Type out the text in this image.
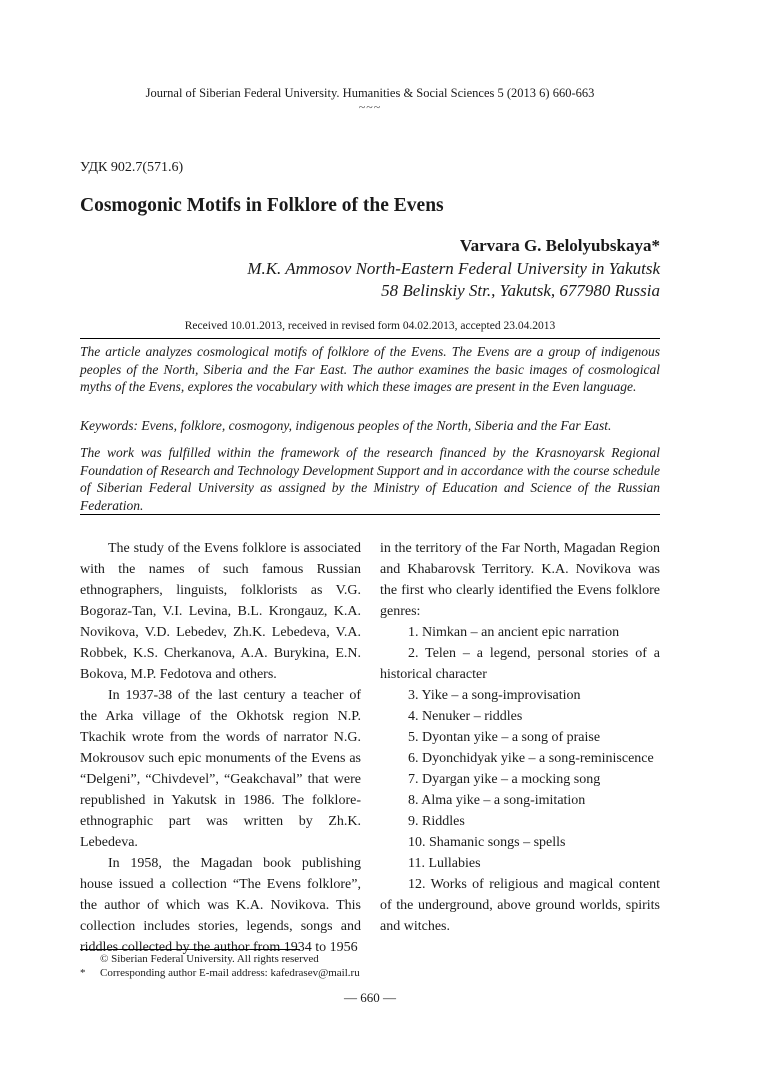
Journal of Siberian Federal University. Humanities & Social Sciences 5 (2013 6) 660-663
~~~
УДК 902.7(571.6)
Cosmogonic Motifs in Folklore of the Evens
Varvara G. Belolyubskaya*
M.K. Ammosov North-Eastern Federal University in Yakutsk
58 Belinskiy Str., Yakutsk, 677980 Russia
Received 10.01.2013, received in revised form 04.02.2013, accepted 23.04.2013
The article analyzes cosmological motifs of folklore of the Evens. The Evens are a group of indigenous peoples of the North, Siberia and the Far East. The author examines the basic images of cosmological myths of the Evens, explores the vocabulary with which these images are present in the Even language.
Keywords: Evens, folklore, cosmogony, indigenous peoples of the North, Siberia and the Far East.
The work was fulfilled within the framework of the research financed by the Krasnoyarsk Regional Foundation of Research and Technology Development Support and in accordance with the course schedule of Siberian Federal University as assigned by the Ministry of Education and Science of the Russian Federation.

The study of the Evens folklore is associated with the names of such famous Russian ethnographers, linguists, folklorists as V.G. Bogoraz-Tan, V.I. Levina, B.L. Krongauz, K.A. Novikova, V.D. Lebedev, Zh.K. Lebedeva, V.A. Robbek, K.S. Cherkanova, A.A. Burykina, E.N. Bokova, M.P. Fedotova and others.

In 1937-38 of the last century a teacher of the Arka village of the Okhotsk region N.P. Tkachik wrote from the words of narrator N.G. Mokrousov such epic monuments of the Evens as “Delgeni”, “Chivdevel”, “Geakchaval” that were republished in Yakutsk in 1986. The folklore-ethnographic part was written by Zh.K. Lebedeva.

In 1958, the Magadan book publishing house issued a collection “The Evens folklore”, the author of which was K.A. Novikova. This collection includes stories, legends, songs and riddles collected by the author from 1934 to 1956

in the territory of the Far North, Magadan Region and Khabarovsk Territory. K.A. Novikova was the first who clearly identified the Evens folklore genres:
1. Nimkan – an ancient epic narration
2. Telen – a legend, personal stories of a historical character
3. Yike – a song-improvisation
4. Nenuker – riddles
5. Dyontan yike – a song of praise
6. Dyonchidyak yike – a song-reminiscence
7. Dyargan yike – a mocking song
8. Alma yike – a song-imitation
9. Riddles
10. Shamanic songs – spells
11. Lullabies
12. Works of religious and magical content of the underground, above ground worlds, spirits and witches.
© Siberian Federal University. All rights reserved
* Corresponding author E-mail address: kafedrasev@mail.ru
— 660 —
